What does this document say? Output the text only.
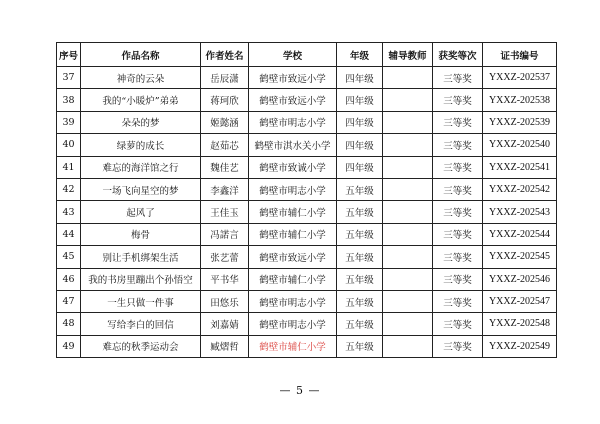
序号	作品名称	作者姓名	学校	年级	辅导教师	获奖等次	证书编号
37	神奇的云朵	岳辰潇	鹤壁市致远小学	四年级		三等奖	YXXZ-202537
38	我的“小暖炉”弟弟	蒋珂欣	鹤壁市致远小学	四年级		三等奖	YXXZ-202538
39	朵朵的梦	姬懿涵	鹤壁市明志小学	四年级		三等奖	YXXZ-202539
40	绿萝的成长	赵茹芯	鹤壁市淇水关小学	四年级		三等奖	YXXZ-202540
41	难忘的海洋馆之行	魏佳艺	鹤壁市致诚小学	四年级		三等奖	YXXZ-202541
42	一场飞向星空的梦	李鑫洋	鹤壁市明志小学	五年级		三等奖	YXXZ-202542
43	起风了	王佳玉	鹤壁市辅仁小学	五年级		三等奖	YXXZ-202543
44	梅骨	冯諾言	鹤壁市辅仁小学	五年级		三等奖	YXXZ-202544
45	别让手机绑架生活	张艺蕾	鹤壁市致远小学	五年级		三等奖	YXXZ-202545
46	我的书房里蹦出个孙悟空	平书华	鹤壁市辅仁小学	五年级		三等奖	YXXZ-202546
47	一生只做一件事	田悠乐	鹤壁市明志小学	五年级		三等奖	YXXZ-202547
48	写给李白的回信	刘嘉婧	鹤壁市明志小学	五年级		三等奖	YXXZ-202548
49	难忘的秋季运动会	臧熠哲	鹤壁市辅仁小学	五年级		三等奖	YXXZ-202549
— 5 —
